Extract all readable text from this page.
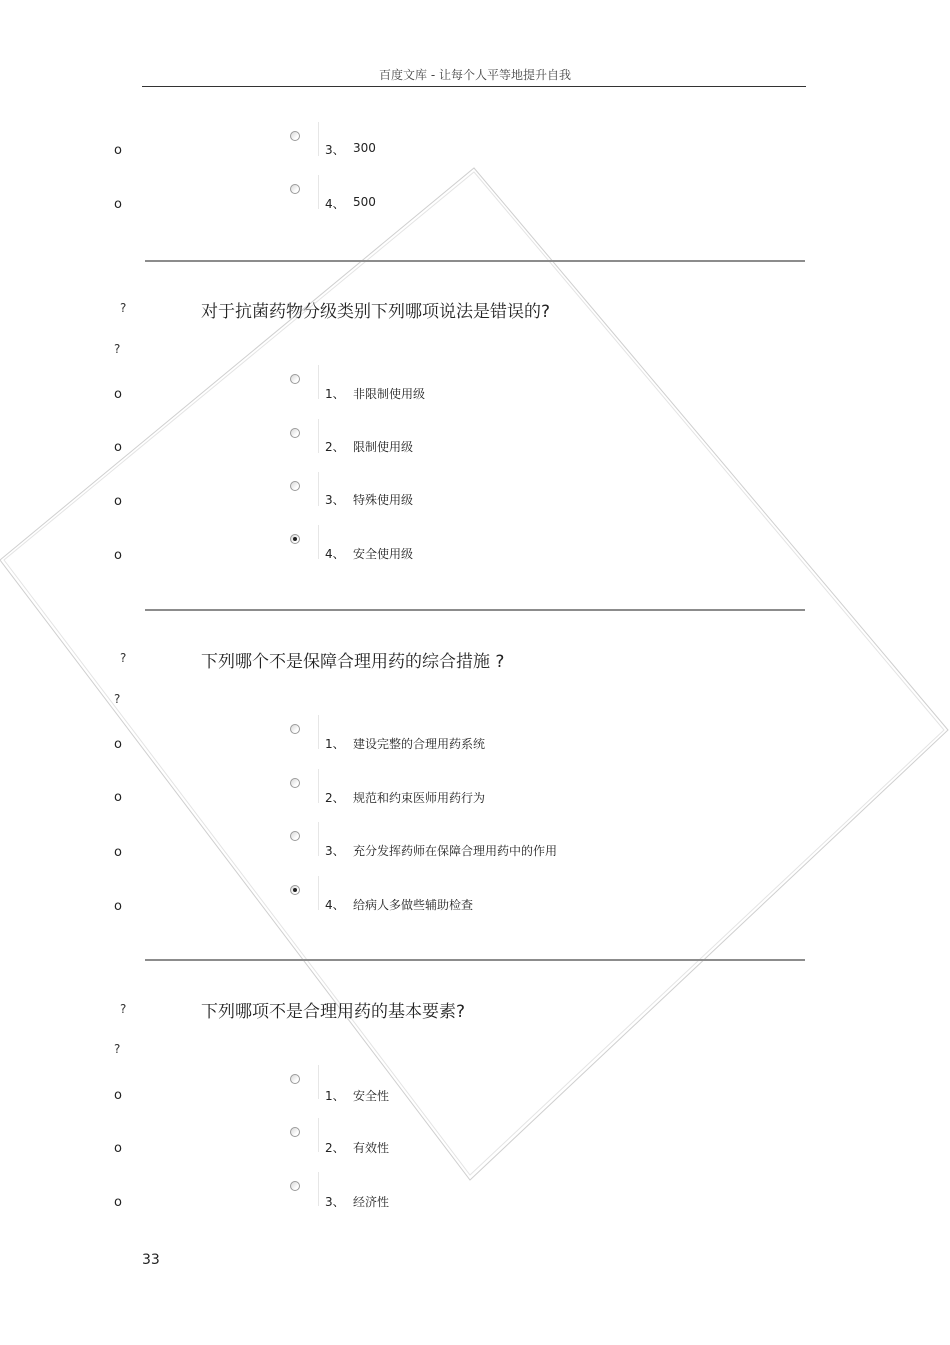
百度文库 - 让每个人平等地提升自我
o	3、 300
o	4、 500
?	对于抗菌药物分级类别下列哪项说法是错误的?
?
o	1、 非限制使用级
o	2、 限制使用级
o	3、 特殊使用级
o	4、 安全使用级
?	下列哪个不是保障合理用药的综合措施 ?
?
o	1、 建设完整的合理用药系统
o	2、 规范和约束医师用药行为
o	3、 充分发挥药师在保障合理用药中的作用
o	4、 给病人多做些辅助检查
?	下列哪项不是合理用药的基本要素?
?
o	1、 安全性
o	2、 有效性
o	3、 经济性
33
